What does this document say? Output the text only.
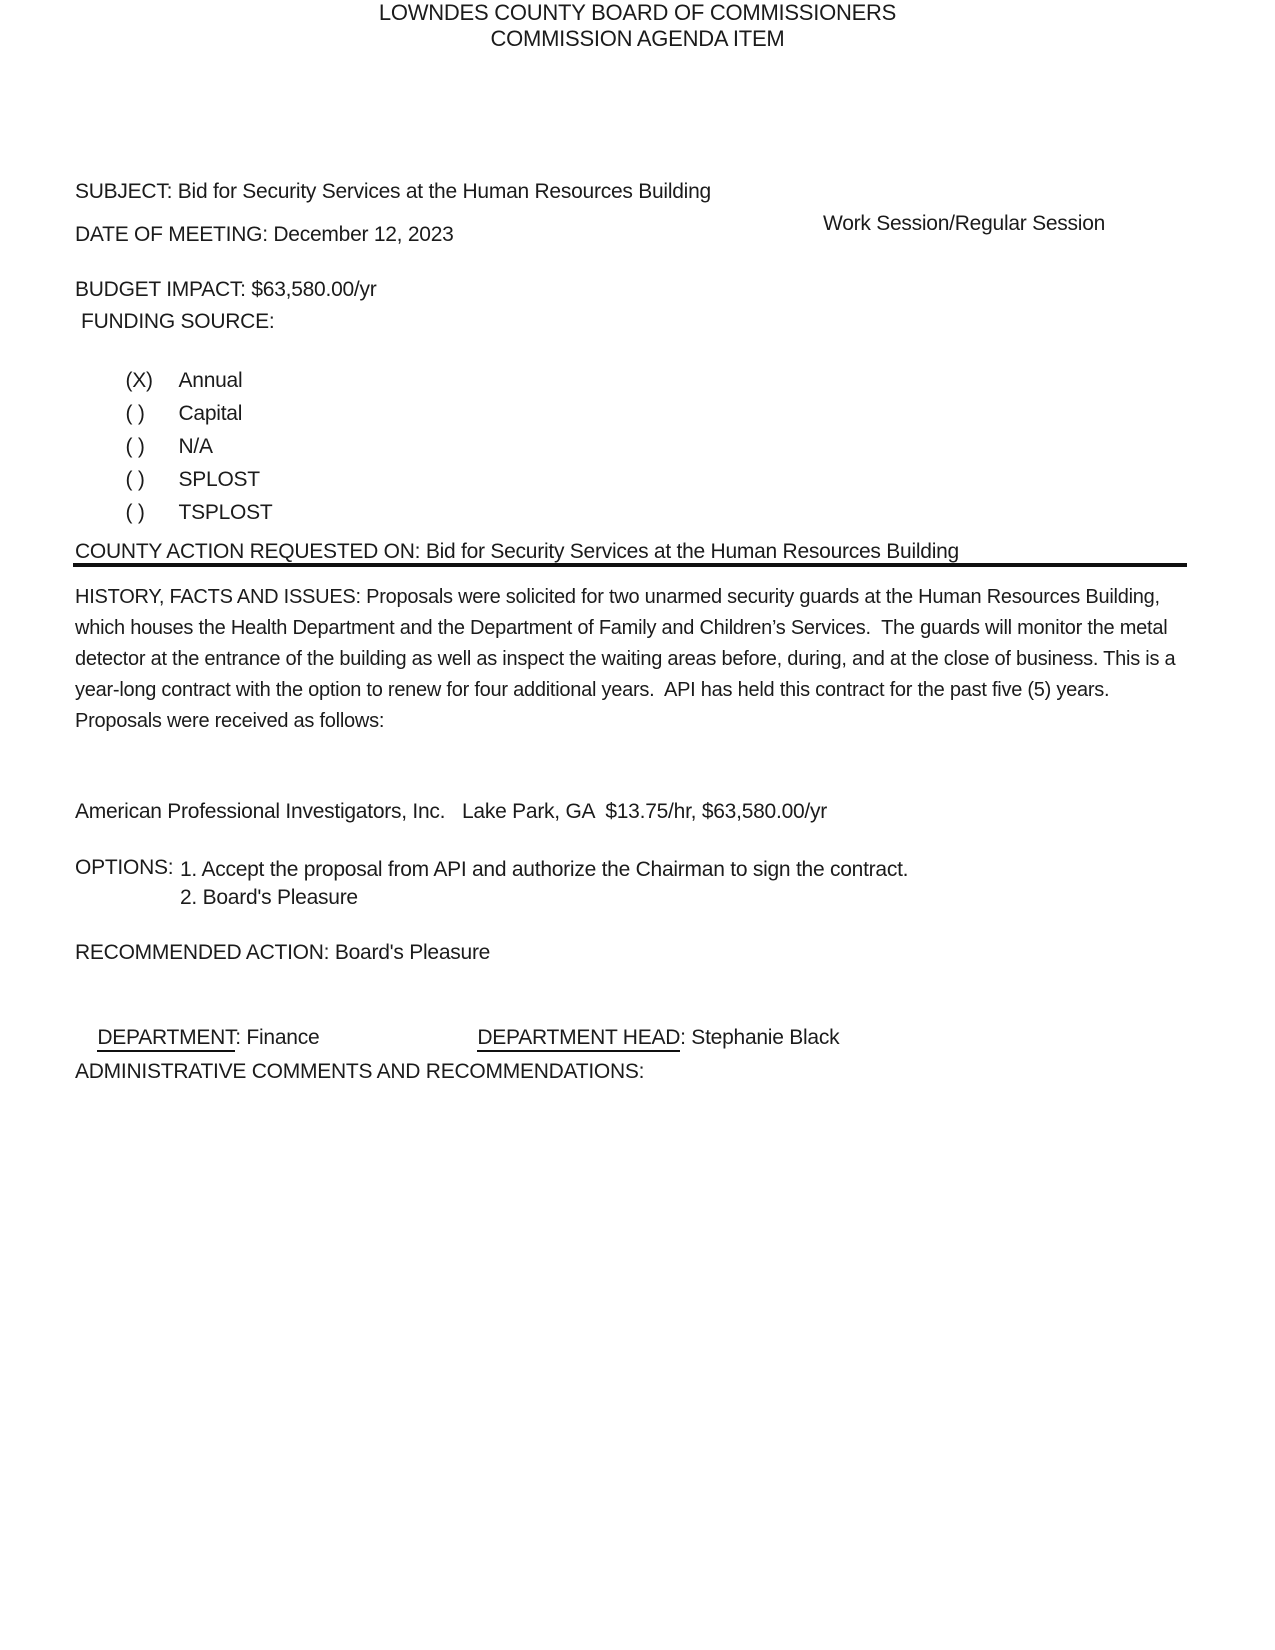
LOWNDES COUNTY BOARD OF COMMISSIONERS
COMMISSION AGENDA ITEM
SUBJECT: Bid for Security Services at the Human Resources Building
Work Session/Regular Session
DATE OF MEETING: December 12, 2023
BUDGET IMPACT: $63,580.00/yr
FUNDING SOURCE:

(X) Annual

( ) Capital

( ) N/A

( ) SPLOST

( ) TSPLOST

COUNTY ACTION REQUESTED ON: Bid for Security Services at the Human Resources Building
HISTORY, FACTS AND ISSUES: Proposals were solicited for two unarmed security guards at the Human Resources Building, which houses the Health Department and the Department of Family and Children’s Services.  The guards will monitor the metal detector at the entrance of the building as well as inspect the waiting areas before, during, and at the close of business. This is a year-long contract with the option to renew for four additional years.  API has held this contract for the past five (5) years. Proposals were received as follows:
American Professional Investigators, Inc.   Lake Park, GA  $13.75/hr, $63,580.00/yr
OPTIONS: 1. Accept the proposal from API and authorize the Chairman to sign the contract.
2. Board's Pleasure
RECOMMENDED ACTION: Board's Pleasure

DEPARTMENT: Finance
	DEPARTMENT HEAD: Stephanie Black

ADMINISTRATIVE COMMENTS AND RECOMMENDATIONS:
